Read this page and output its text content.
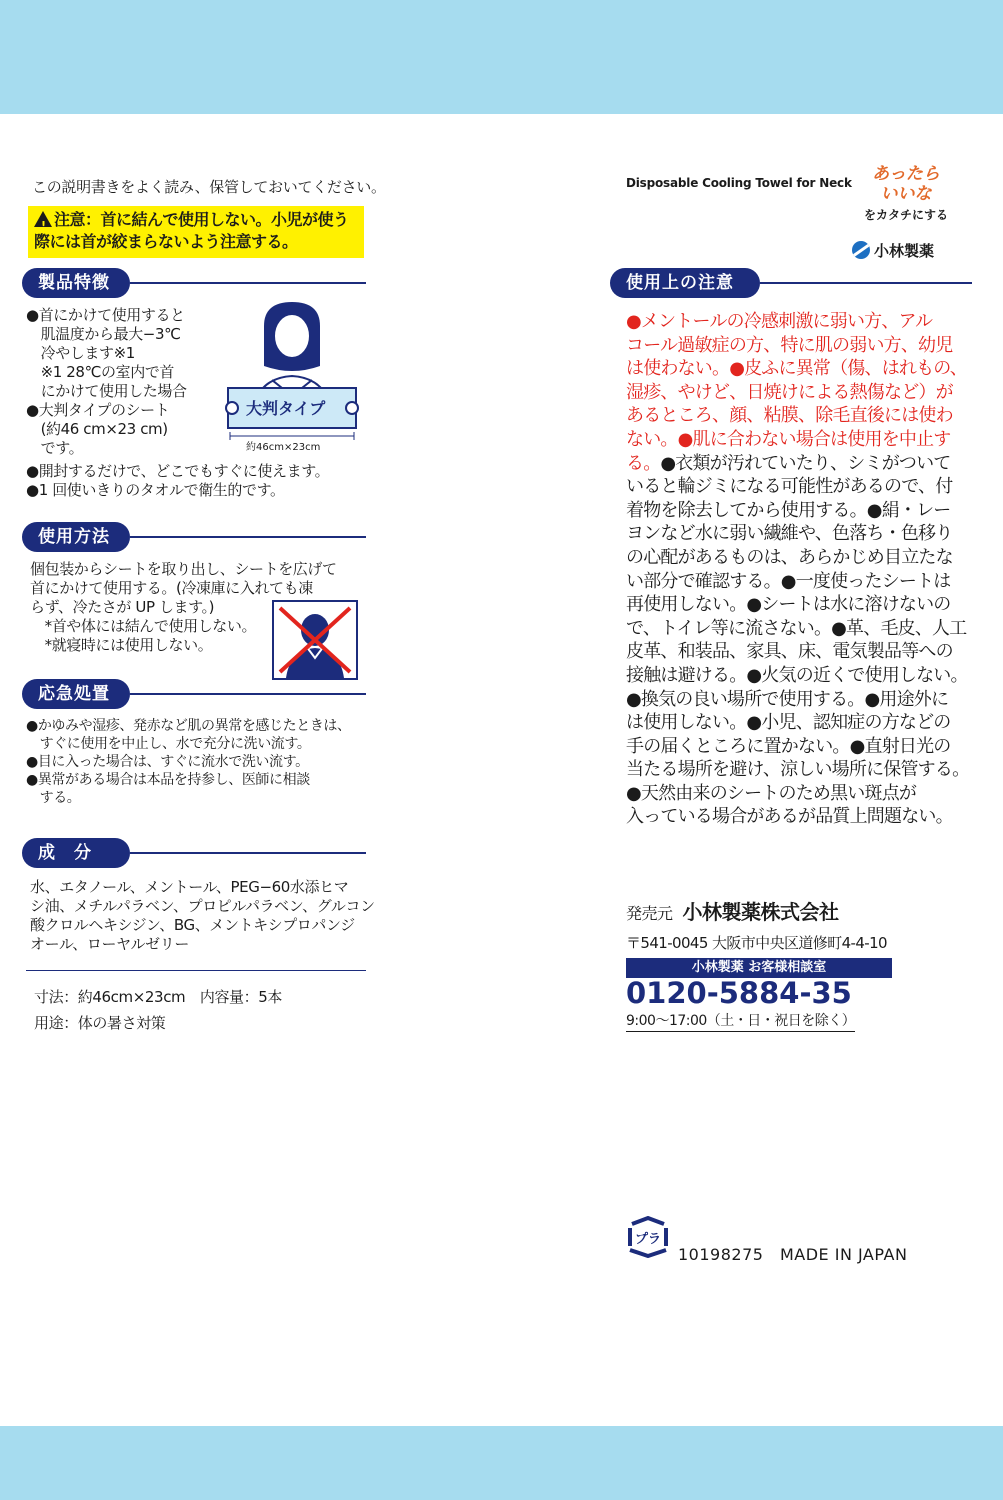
この説明書きをよく読み、保管しておいてください。
! 注意：首に結んで使用しない。小児が使う
際には首が絞まらないよう注意する。
製品特徴

●首にかけて使用すると

　肌温度から最大−3℃

　冷やします※1

　※1 28℃の室内で首

　にかけて使用した場合

●大判タイプのシート

　(約46 cm×23 cm)

　です。

●開封するだけで、どこでもすぐに使えます。

●1 回使いきりのタオルで衛生的です。

大判タイプ
約46cm×23cm
使用方法

個包装からシートを取り出し、シートを広げて

首にかけて使用する。(冷凍庫に入れても凍

らず、冷たさが UP します。)

　*首や体には結んで使用しない。

　*就寝時には使用しない。

応急処置

●かゆみや湿疹、発赤など肌の異常を感じたときは、

　すぐに使用を中止し、水で充分に洗い流す。

●目に入った場合は、すぐに流水で洗い流す。

●異常がある場合は本品を持参し、医師に相談

　する。

成　分

水、エタノール、メントール、PEG−60水添ヒマ

シ油、メチルパラベン、プロピルパラベン、グルコン

酸クロルヘキシジン、BG、メントキシプロパンジ

オール、ローヤルゼリー

寸法：約46cm×23cm　内容量：5本
用途：体の暑さ対策
Disposable Cooling Towel for Neck	あったら
いいな
をカタチにする
小林製薬
使用上の注意
●メントールの冷感刺激に弱い方、アル
コール過敏症の方、特に肌の弱い方、幼児
は使わない。●皮ふに異常（傷、はれもの、
湿疹、やけど、日焼けによる熱傷など）が
あるところ、顔、粘膜、除毛直後には使わ
ない。●肌に合わない場合は使用を中止す
る。●衣類が汚れていたり、シミがついて
いると輪ジミになる可能性があるので、付
着物を除去してから使用する。●絹・レー
ヨンなど水に弱い繊維や、色落ち・色移り
の心配があるものは、あらかじめ目立たな
い部分で確認する。●一度使ったシートは
再使用しない。●シートは水に溶けないの
で、トイレ等に流さない。●革、毛皮、人工
皮革、和装品、家具、床、電気製品等への
接触は避ける。●火気の近くで使用しない。
●換気の良い場所で使用する。●用途外に
は使用しない。●小児、認知症の方などの
手の届くところに置かない。●直射日光の
当たる場所を避け、涼しい場所に保管する。
●天然由来のシートのため黒い斑点が
入っている場合があるが品質上問題ない。
発売元 小林製薬株式会社
〒541-0045 大阪市中央区道修町4-4-10
小林製薬 お客様相談室
0120-5884-35
9:00〜17:00（土・日・祝日を除く）
プラ
10198275　 MADE IN JAPAN
